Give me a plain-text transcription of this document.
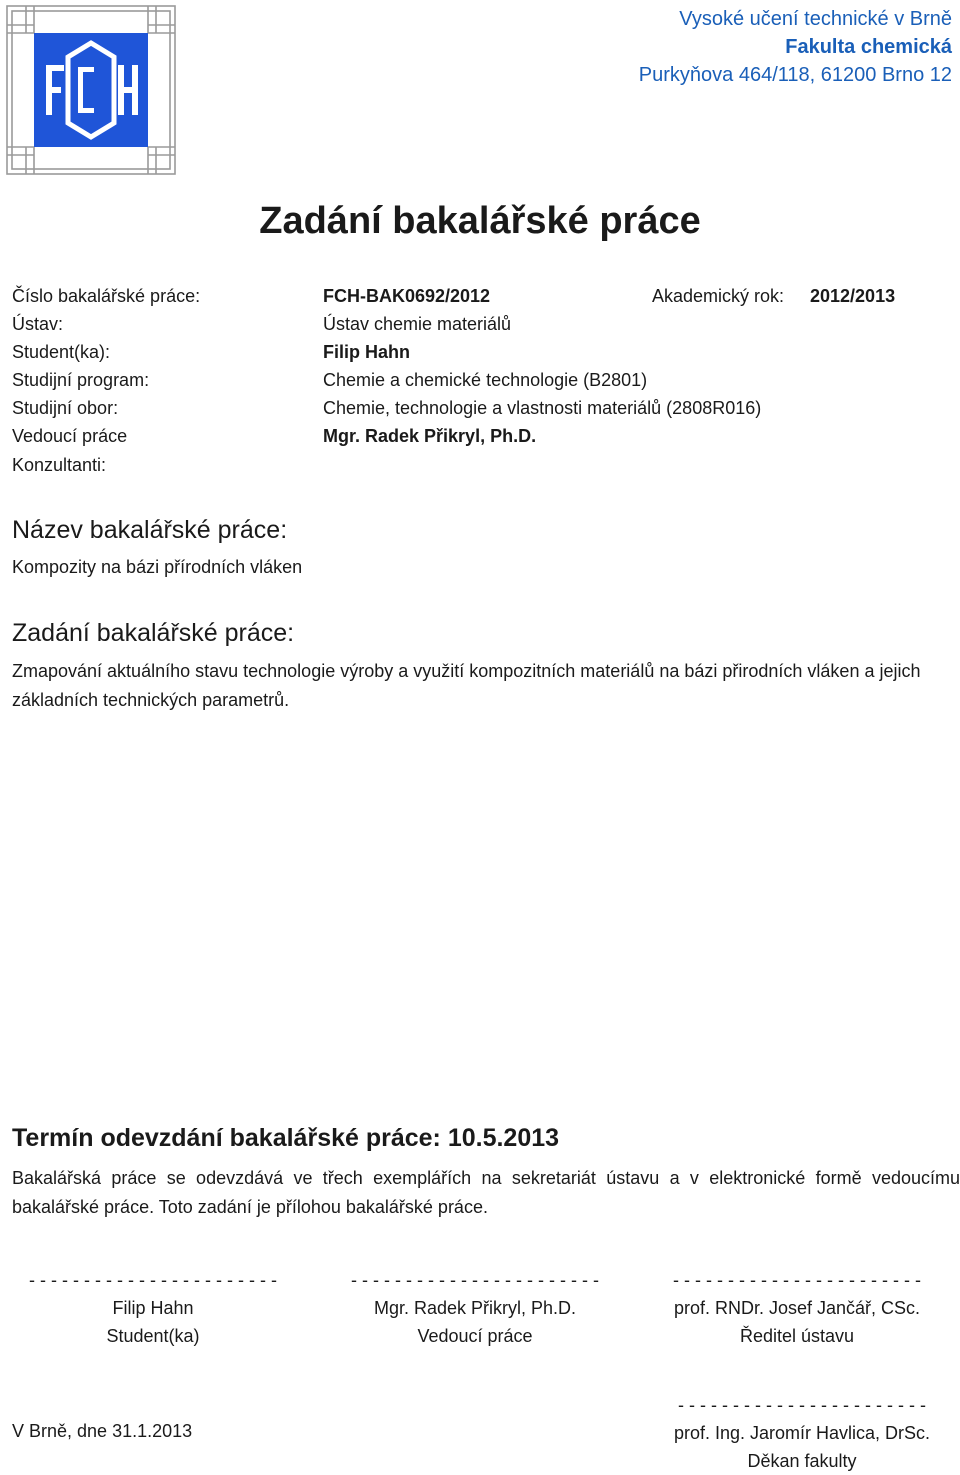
Vysoké učení technické v Brně
Fakulta chemická
Purkyňova 464/118, 61200 Brno 12
Zadání bakalářské práce
Číslo bakalářské práce:	FCH-BAK0692/2012	Akademický rok: 2012/2013
Ústav:	Ústav chemie materiálů
Student(ka):	Filip Hahn
Studijní program:	Chemie a chemické technologie (B2801)
Studijní obor:	Chemie, technologie a vlastnosti materiálů (2808R016)
Vedoucí práce	Mgr. Radek Přikryl, Ph.D.
Konzultanti:
Název bakalářské práce:
Kompozity na bázi přírodních vláken
Zadání bakalářské práce:
Zmapování aktuálního stavu technologie výroby a využití kompozitních materiálů na bázi přirodních vláken a jejich základních technických parametrů.
Termín odevzdání bakalářské práce: 10.5.2013
Bakalářská práce se odevzdává ve třech exemplářích na sekretariát ústavu a v elektronické formě vedoucímu bakalářské práce. Toto zadání je přílohou bakalářské práce.
- - - - - - - - - - - - - - - - - - - - - - -
Filip Hahn
Student(ka)
- - - - - - - - - - - - - - - - - - - - - - -
Mgr. Radek Přikryl, Ph.D.
Vedoucí práce
- - - - - - - - - - - - - - - - - - - - - - -
prof. RNDr. Josef Jančář, CSc.
Ředitel ústavu
V Brně, dne 31.1.2013
- - - - - - - - - - - - - - - - - - - - - - -
prof. Ing. Jaromír Havlica, DrSc.
Děkan fakulty
